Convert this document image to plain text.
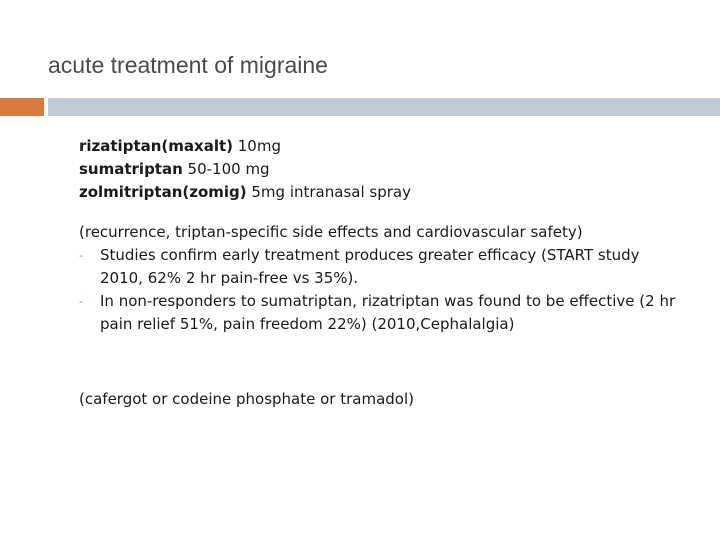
acute treatment of migraine

rizatiptan(maxalt) 10mg

sumatriptan 50-100 mg

zolmitriptan(zomig) 5mg intranasal spray

(recurrence, triptan-specific side effects and cardiovascular safety)

- Studies confirm early treatment produces greater efficacy (START study 2010, 62% 2 hr pain-free vs 35%).
- In non-responders to sumatriptan, rizatriptan was found to be effective (2 hr pain relief 51%, pain freedom 22%) (2010,Cephalalgia)

(cafergot or codeine phosphate or tramadol)
